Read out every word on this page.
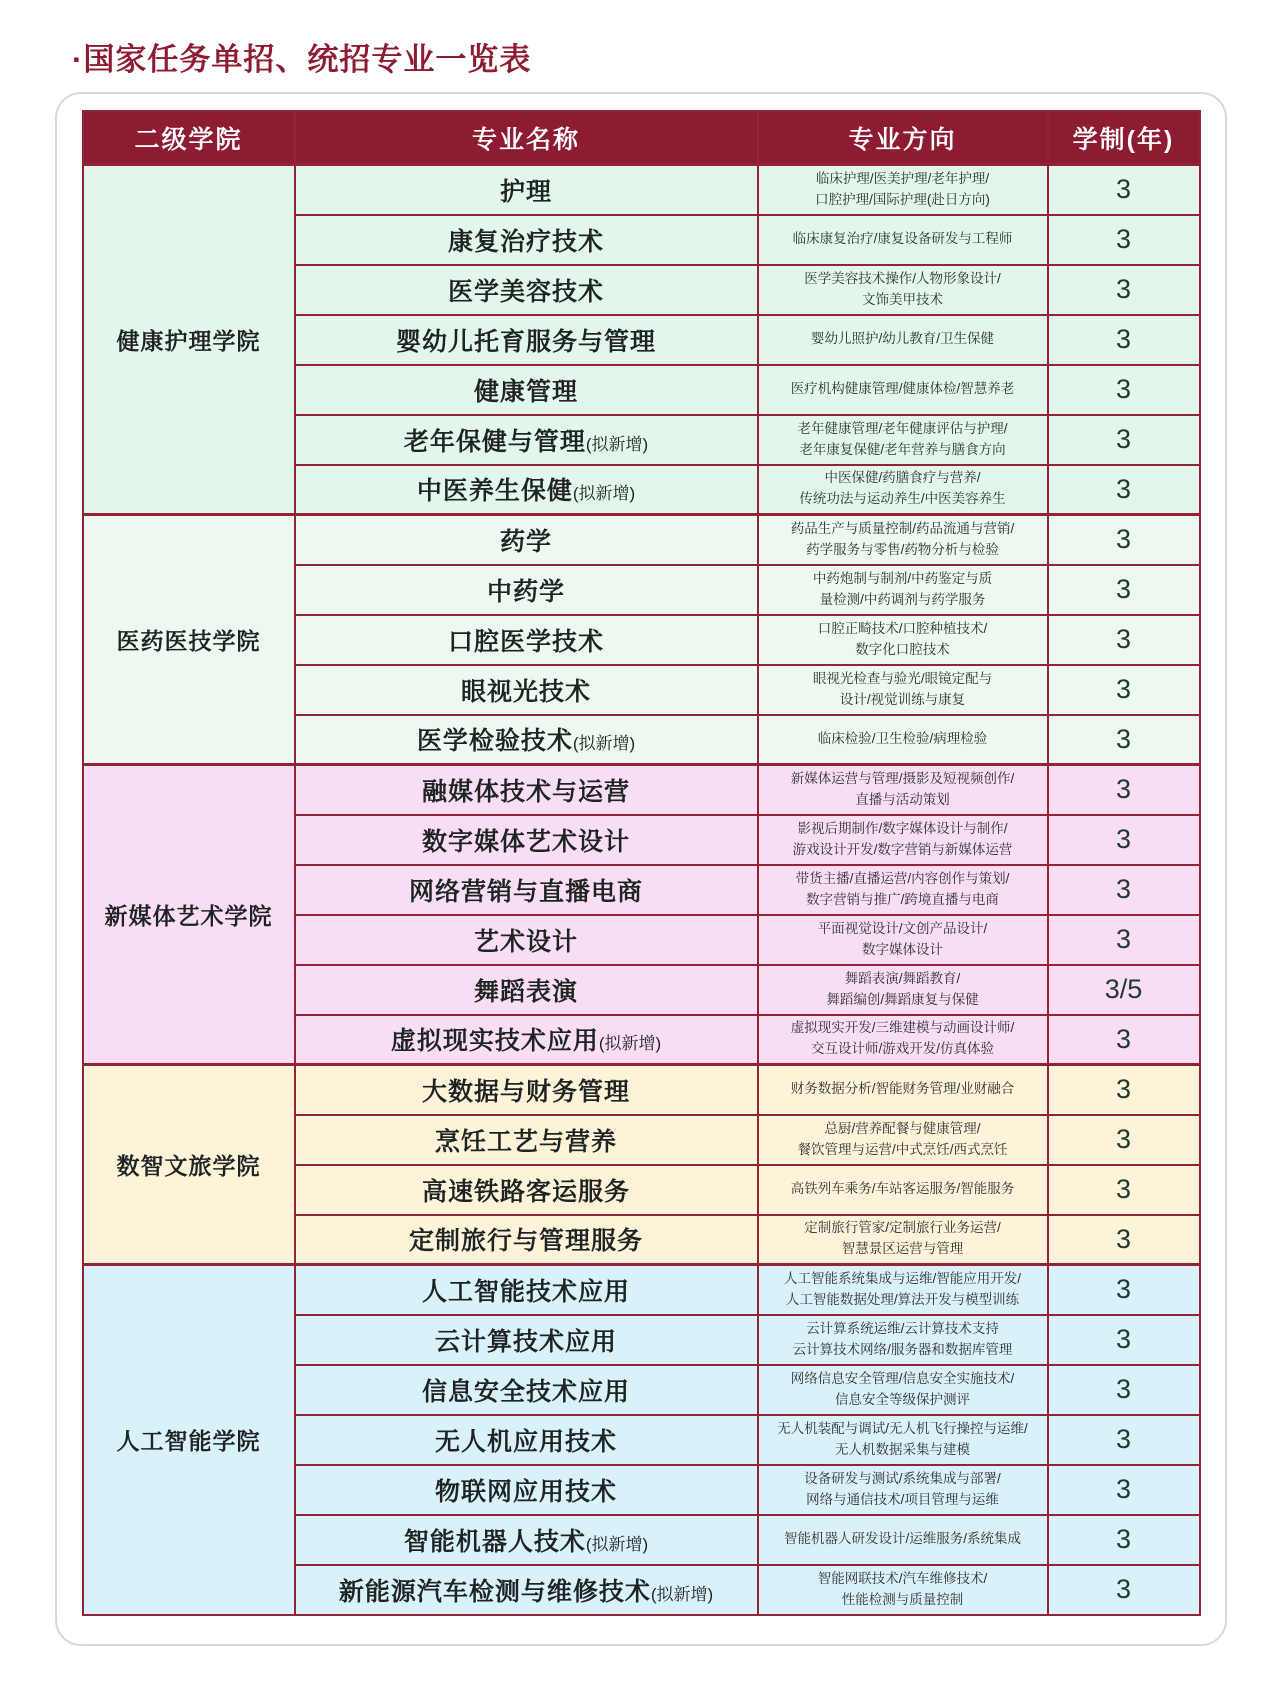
·国家任务单招、统招专业一览表
二级学院	专业名称	专业方向	学制(年)
健康护理学院	护理	临床护理/医美护理/老年护理/
口腔护理/国际护理(赴日方向)	3
	康复治疗技术	临床康复治疗/康复设备研发与工程师	3
	医学美容技术	医学美容技术操作/人物形象设计/
文饰美甲技术	3
	婴幼儿托育服务与管理	婴幼儿照护/幼儿教育/卫生保健	3
	健康管理	医疗机构健康管理/健康体检/智慧养老	3
	老年保健与管理(拟新增)	老年健康管理/老年健康评估与护理/
老年康复保健/老年营养与膳食方向	3
	中医养生保健(拟新增)	中医保健/药膳食疗与营养/
传统功法与运动养生/中医美容养生	3
医药医技学院	药学	药品生产与质量控制/药品流通与营销/
药学服务与零售/药物分析与检验	3
	中药学	中药炮制与制剂/中药鉴定与质
量检测/中药调剂与药学服务	3
	口腔医学技术	口腔正畸技术/口腔种植技术/
数字化口腔技术	3
	眼视光技术	眼视光检查与验光/眼镜定配与
设计/视觉训练与康复	3
	医学检验技术(拟新增)	临床检验/卫生检验/病理检验	3
新媒体艺术学院	融媒体技术与运营	新媒体运营与管理/摄影及短视频创作/
直播与活动策划	3
	数字媒体艺术设计	影视后期制作/数字媒体设计与制作/
游戏设计开发/数字营销与新媒体运营	3
	网络营销与直播电商	带货主播/直播运营/内容创作与策划/
数字营销与推广/跨境直播与电商	3
	艺术设计	平面视觉设计/文创产品设计/
数字媒体设计	3
	舞蹈表演	舞蹈表演/舞蹈教育/
舞蹈编创/舞蹈康复与保健	3/5
	虚拟现实技术应用(拟新增)	虚拟现实开发/三维建模与动画设计师/
交互设计师/游戏开发/仿真体验	3
数智文旅学院	大数据与财务管理	财务数据分析/智能财务管理/业财融合	3
	烹饪工艺与营养	总厨/营养配餐与健康管理/
餐饮管理与运营/中式烹饪/西式烹饪	3
	高速铁路客运服务	高铁列车乘务/车站客运服务/智能服务	3
	定制旅行与管理服务	定制旅行管家/定制旅行业务运营/
智慧景区运营与管理	3
人工智能学院	人工智能技术应用	人工智能系统集成与运维/智能应用开发/
人工智能数据处理/算法开发与模型训练	3
	云计算技术应用	云计算系统运维/云计算技术支持
云计算技术网络/服务器和数据库管理	3
	信息安全技术应用	网络信息安全管理/信息安全实施技术/
信息安全等级保护测评	3
	无人机应用技术	无人机装配与调试/无人机飞行操控与运维/
无人机数据采集与建模	3
	物联网应用技术	设备研发与测试/系统集成与部署/
网络与通信技术/项目管理与运维	3
	智能机器人技术(拟新增)	智能机器人研发设计/运维服务/系统集成	3
	新能源汽车检测与维修技术(拟新增)	智能网联技术/汽车维修技术/
性能检测与质量控制	3
